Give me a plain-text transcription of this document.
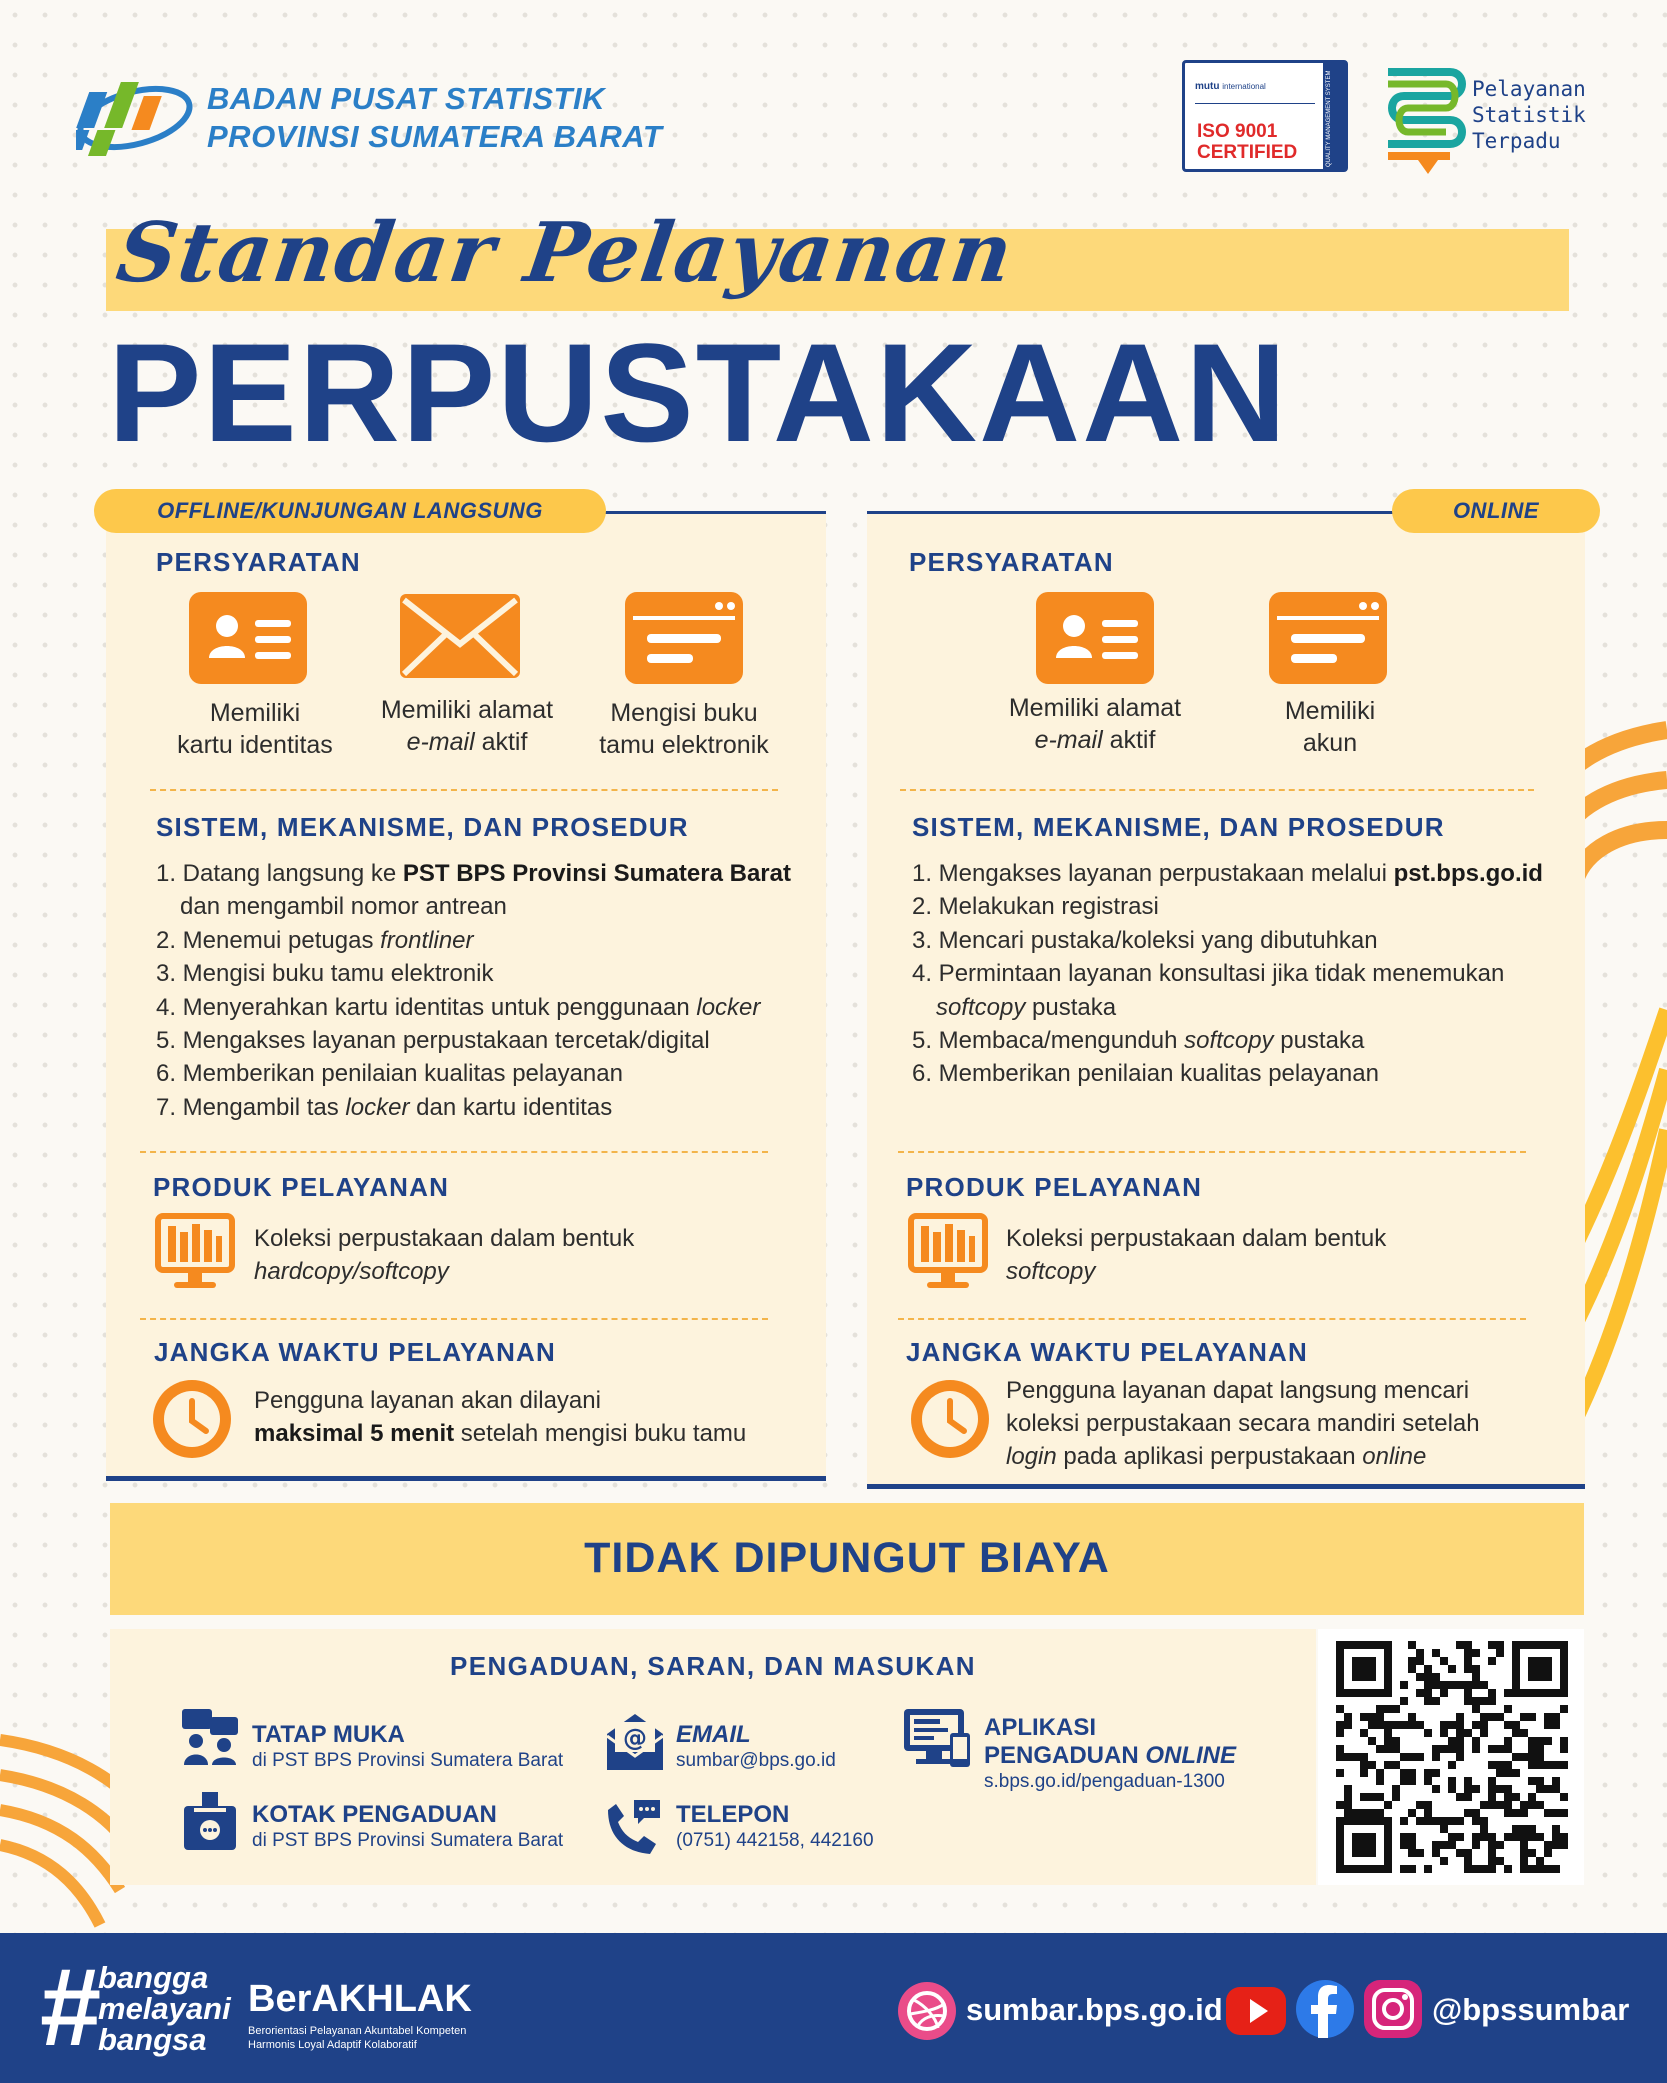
BADAN PUSAT STATISTIK
PROVINSI SUMATERA BARAT
mutu international
ISO 9001
CERTIFIED	QUALITY MANAGEMENT SYSTEM	Pelayanan
Statistik
Terpadu
Standar Pelayanan
PERPUSTAKAAN
OFFLINE/KUNJUNGAN LANGSUNG
PERSYARATAN
Memiliki
kartu identitas
Memiliki alamat
e-mail aktif
Mengisi buku
tamu elektronik
SISTEM, MEKANISME, DAN PROSEDUR
1. Datang langsung ke PST BPS Provinsi Sumatera Barat
dan mengambil nomor antrean
2. Menemui petugas frontliner
3. Mengisi buku tamu elektronik
4. Menyerahkan kartu identitas untuk penggunaan locker
5. Mengakses layanan perpustakaan tercetak/digital
6. Memberikan penilaian kualitas pelayanan
7. Mengambil tas locker dan kartu identitas
PRODUK PELAYANAN
Koleksi perpustakaan dalam bentuk
hardcopy/softcopy
JANGKA WAKTU PELAYANAN
Pengguna layanan akan dilayani
maksimal 5 menit setelah mengisi buku tamu
ONLINE
PERSYARATAN
Memiliki alamat
e-mail aktif
Memiliki
akun
SISTEM, MEKANISME, DAN PROSEDUR
1. Mengakses layanan perpustakaan melalui pst.bps.go.id
2. Melakukan registrasi
3. Mencari pustaka/koleksi yang dibutuhkan
4. Permintaan layanan konsultasi jika tidak menemukan
softcopy pustaka
5. Membaca/mengunduh softcopy pustaka
6. Memberikan penilaian kualitas pelayanan
PRODUK PELAYANAN
Koleksi perpustakaan dalam bentuk
softcopy
JANGKA WAKTU PELAYANAN
Pengguna layanan dapat langsung mencari
koleksi perpustakaan secara mandiri setelah
login pada aplikasi perpustakaan online
TIDAK DIPUNGUT BIAYA
PENGADUAN, SARAN, DAN MASUKAN
TATAP MUKA
di PST BPS Provinsi Sumatera Barat
KOTAK PENGADUAN
di PST BPS Provinsi Sumatera Barat
@ EMAIL
sumbar@bps.go.id
TELEPON
(0751) 442158, 442160
APLIKASI
PENGADUAN ONLINE
s.bps.go.id/pengaduan-1300
#
bangga
melayani
bangsa
BerAKHLAK
Berorientasi Pelayanan Akuntabel Kompeten
Harmonis Loyal Adaptif Kolaboratif
sumbar.bps.go.id	@bpssumbar
